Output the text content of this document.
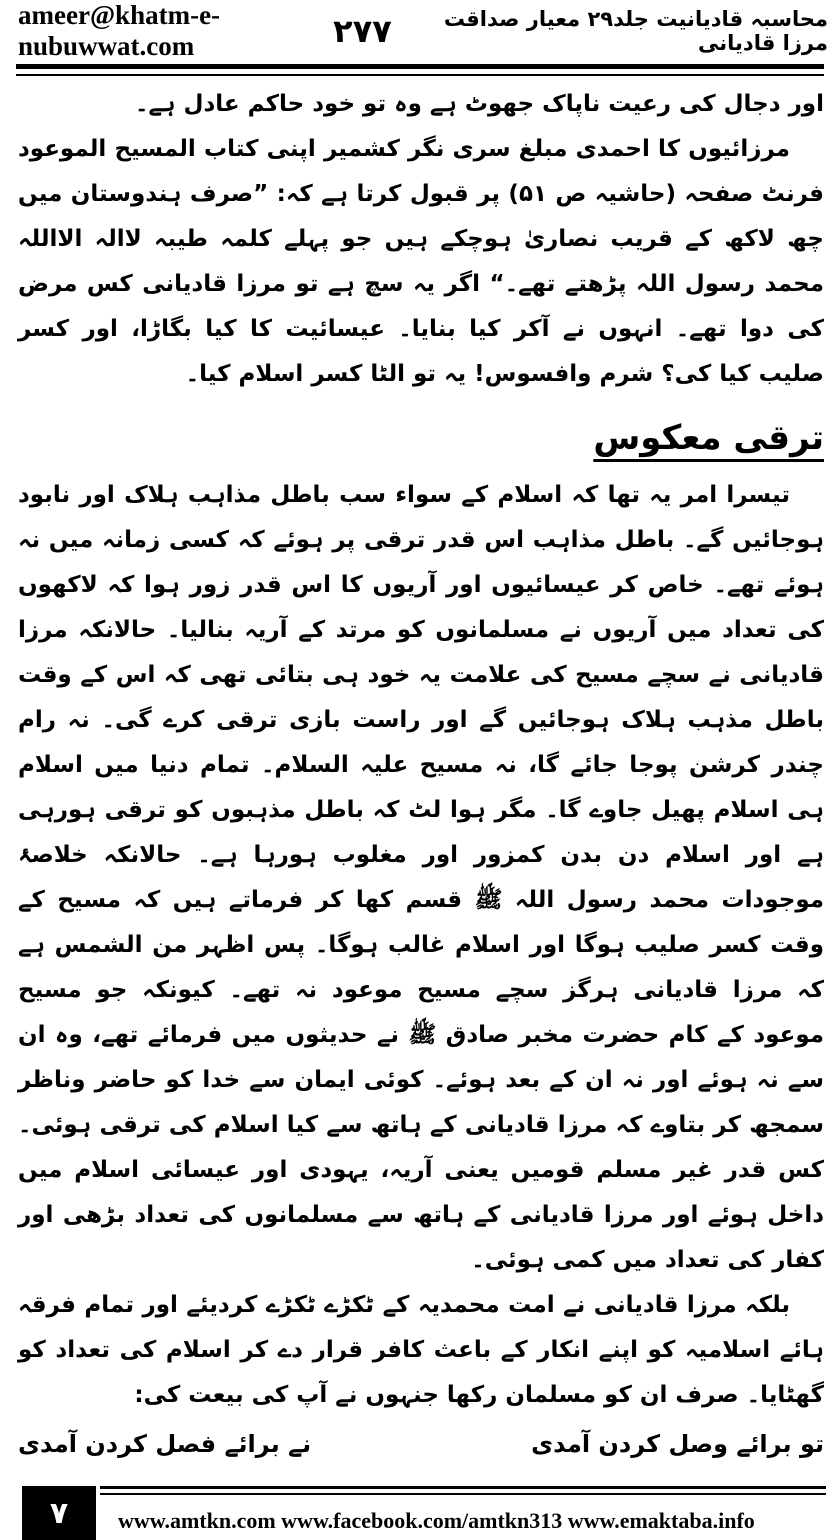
ameer@khatm-e-nubuwwat.com
محاسبہ قادیانیت جلد۲۹ معیار صداقت مرزا قادیانی
۲۷۷

اور دجال کی رعیت ناپاک جھوٹ ہے وہ تو خود حاکم عادل ہے۔

مرزائیوں کا احمدی مبلغ سری نگر کشمیر اپنی کتاب المسیح الموعود فرنٹ صفحہ (حاشیہ ص ۵۱) پر قبول کرتا ہے کہ: ”صرف ہندوستان میں چھ لاکھ کے قریب نصاریٰ ہوچکے ہیں جو پہلے کلمہ طیبہ لاالہ الااللہ محمد رسول اللہ پڑھتے تھے۔“ اگر یہ سچ ہے تو مرزا قادیانی کس مرض کی دوا تھے۔ انہوں نے آکر کیا بنایا۔ عیسائیت کا کیا بگاڑا، اور کسر صلیب کیا کی؟ شرم وافسوس! یہ تو الٹا کسر اسلام کیا۔

ترقی معکوس

تیسرا امر یہ تھا کہ اسلام کے سواء سب باطل مذاہب ہلاک اور نابود ہوجائیں گے۔ باطل مذاہب اس قدر ترقی پر ہوئے کہ کسی زمانہ میں نہ ہوئے تھے۔ خاص کر عیسائیوں اور آریوں کا اس قدر زور ہوا کہ لاکھوں کی تعداد میں آریوں نے مسلمانوں کو مرتد کے آریہ بنالیا۔ حالانکہ مرزا قادیانی نے سچے مسیح کی علامت یہ خود ہی بتائی تھی کہ اس کے وقت باطل مذہب ہلاک ہوجائیں گے اور راست بازی ترقی کرے گی۔ نہ رام چندر کرشن پوجا جائے گا، نہ مسیح علیہ السلام۔ تمام دنیا میں اسلام ہی اسلام پھیل جاوے گا۔ مگر ہوا لٹ کہ باطل مذہبوں کو ترقی ہورہی ہے اور اسلام دن بدن کمزور اور مغلوب ہورہا ہے۔ حالانکہ خلاصۂ موجودات محمد رسول اللہ ﷺ قسم کھا کر فرماتے ہیں کہ مسیح کے وقت کسر صلیب ہوگا اور اسلام غالب ہوگا۔ پس اظہر من الشمس ہے کہ مرزا قادیانی ہرگز سچے مسیح موعود نہ تھے۔ کیونکہ جو مسیح موعود کے کام حضرت مخبر صادق ﷺ نے حدیثوں میں فرمائے تھے، وہ ان سے نہ ہوئے اور نہ ان کے بعد ہوئے۔ کوئی ایمان سے خدا کو حاضر وناظر سمجھ کر بتاوے کہ مرزا قادیانی کے ہاتھ سے کیا اسلام کی ترقی ہوئی۔ کس قدر غیر مسلم قومیں یعنی آریہ، یہودی اور عیسائی اسلام میں داخل ہوئے اور مرزا قادیانی کے ہاتھ سے مسلمانوں کی تعداد بڑھی اور کفار کی تعداد میں کمی ہوئی۔

بلکہ مرزا قادیانی نے امت محمدیہ کے ٹکڑے ٹکڑے کردیئے اور تمام فرقہ ہائے اسلامیہ کو اپنے انکار کے باعث کافر قرار دے کر اسلام کی تعداد کو گھٹایا۔ صرف ان کو مسلمان رکھا جنہوں نے آپ کی بیعت کی:

تو برائے وصل کردن آمدی
نے برائے فصل کردن آمدی
www.amtkn.com www.facebook.com/amtkn313 www.emaktaba.info
۷
